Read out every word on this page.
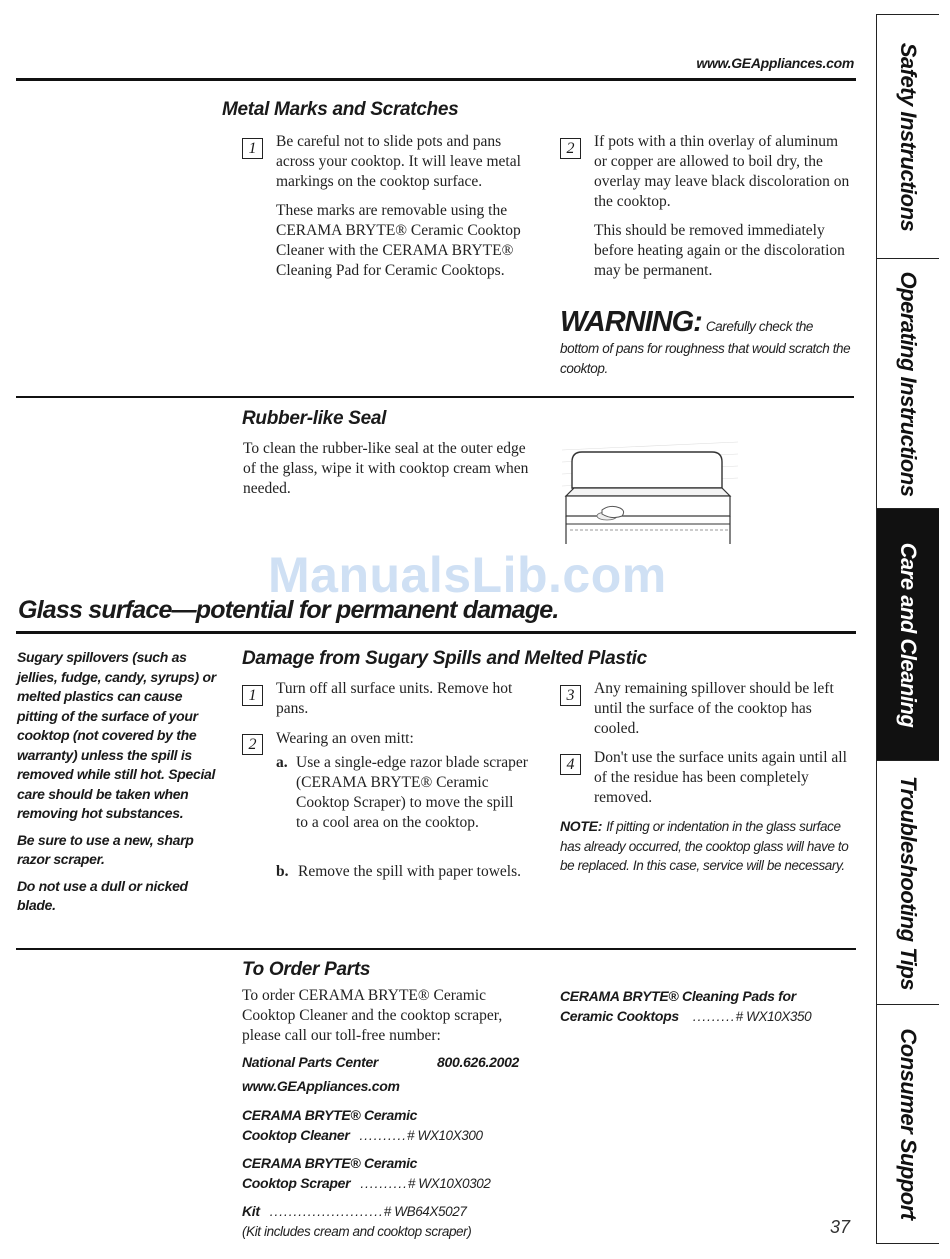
www.GEAppliances.com
Metal Marks and Scratches
1	Be careful not to slide pots and pans across your cooktop. It will leave metal markings on the cooktop surface.

These marks are removable using the CERAMA BRYTE® Ceramic Cooktop Cleaner with the CERAMA BRYTE® Cleaning Pad for Ceramic Cooktops.

2	If pots with a thin overlay of aluminum or copper are allowed to boil dry, the overlay may leave black discoloration on the cooktop.

This should be removed immediately before heating again or the discoloration may be permanent.

WARNING: Carefully check the bottom of pans for roughness that would scratch the cooktop.
Rubber-like Seal
To clean the rubber-like seal at the outer edge of the glass, wipe it with cooktop cream when needed.
ManualsLib.com
Glass surface—potential for permanent damage.

Sugary spillovers (such as jellies, fudge, candy, syrups) or melted plastics can cause pitting of the surface of your cooktop (not covered by the warranty) unless the spill is removed while still hot. Special care should be taken when removing hot substances.

Be sure to use a new, sharp razor scraper.

Do not use a dull or nicked blade.

Damage from Sugary Spills and Melted Plastic
1	Turn off all surface units. Remove hot pans.
2	Wearing an oven mitt:
a. Use a single-edge razor blade scraper (CERAMA BRYTE® Ceramic Cooktop Scraper) to move the spill to a cool area on the cooktop.
b. Remove the spill with paper towels.
3	Any remaining spillover should be left until the surface of the cooktop has cooled.
4	Don't use the surface units again until all of the residue has been completely removed.
NOTE: If pitting or indentation in the glass surface has already occurred, the cooktop glass will have to be replaced. In this case, service will be necessary.
To Order Parts
To order CERAMA BRYTE® Ceramic Cooktop Cleaner and the cooktop scraper, please call our toll-free number:
National Parts Center	800.626.2002
www.GEAppliances.com
CERAMA BRYTE® Ceramic
Cooktop Cleaner ..........# WX10X300
CERAMA BRYTE® Ceramic
Cooktop Scraper ..........# WX10X0302
Kit ........................# WB64X5027
(Kit includes cream and cooktop scraper)
CERAMA BRYTE® Cleaning Pads for
Ceramic Cooktops .........# WX10X350
37
Safety Instructions
Operating Instructions
Care and Cleaning
Troubleshooting Tips
Consumer Support
